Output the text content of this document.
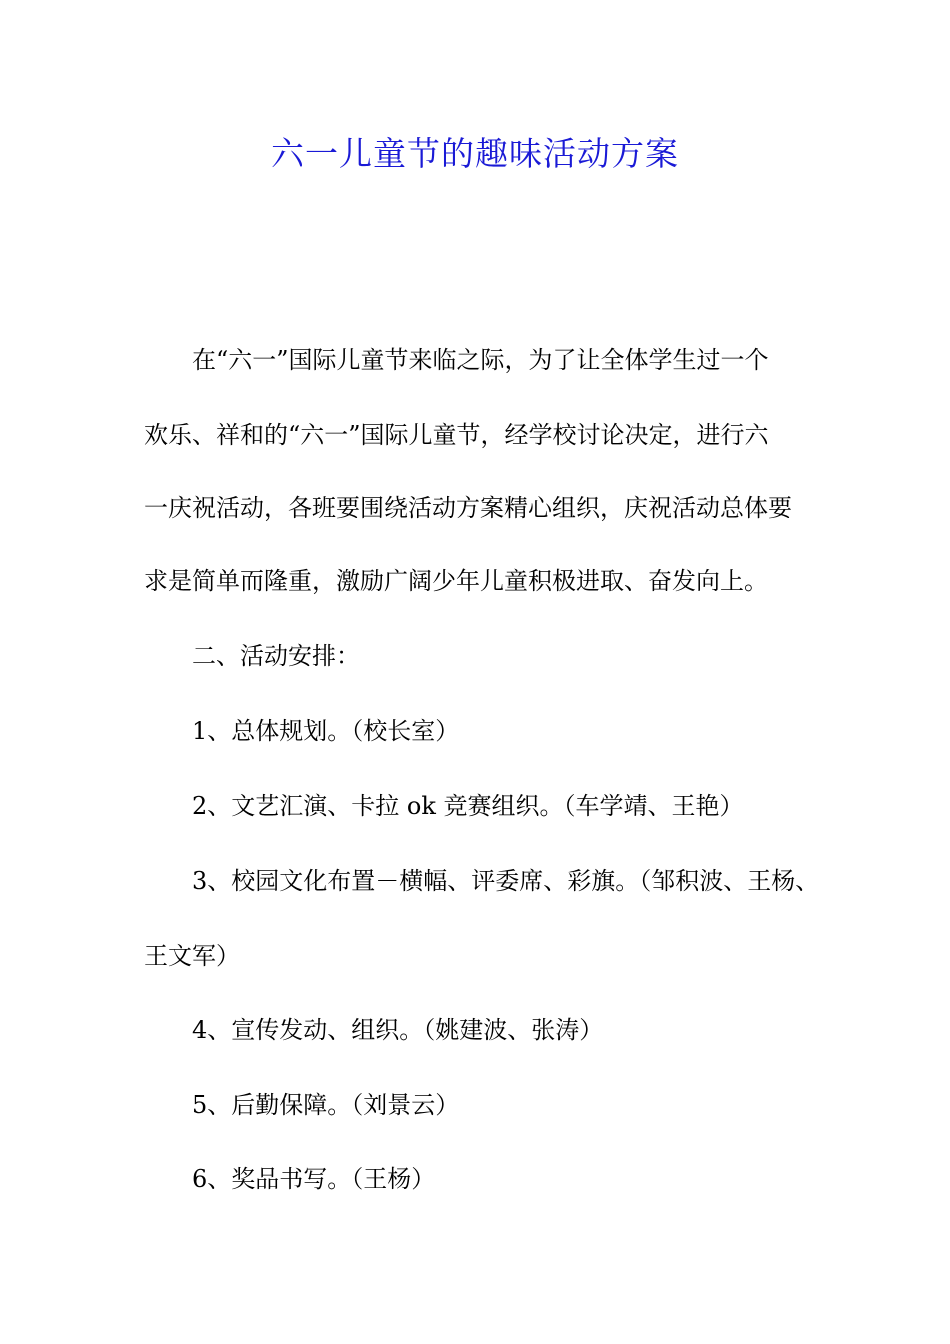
六一儿童节的趣味活动方案

在“六一”国际儿童节来临之际，为了让全体学生过一个

欢乐、祥和的“六一”国际儿童节，经学校讨论决定，进行六

一庆祝活动，各班要围绕活动方案精心组织，庆祝活动总体要

求是简单而隆重，激励广阔少年儿童积极进取、奋发向上。

二、活动安排：

1、总体规划。（校长室）

2、文艺汇演、卡拉 ok 竞赛组织。（车学靖、王艳）

3、校园文化布置－横幅、评委席、彩旗。（邹积波、王杨、

王文军）

4、宣传发动、组织。（姚建波、张涛）

5、后勤保障。（刘景云）

6、奖品书写。（王杨）
